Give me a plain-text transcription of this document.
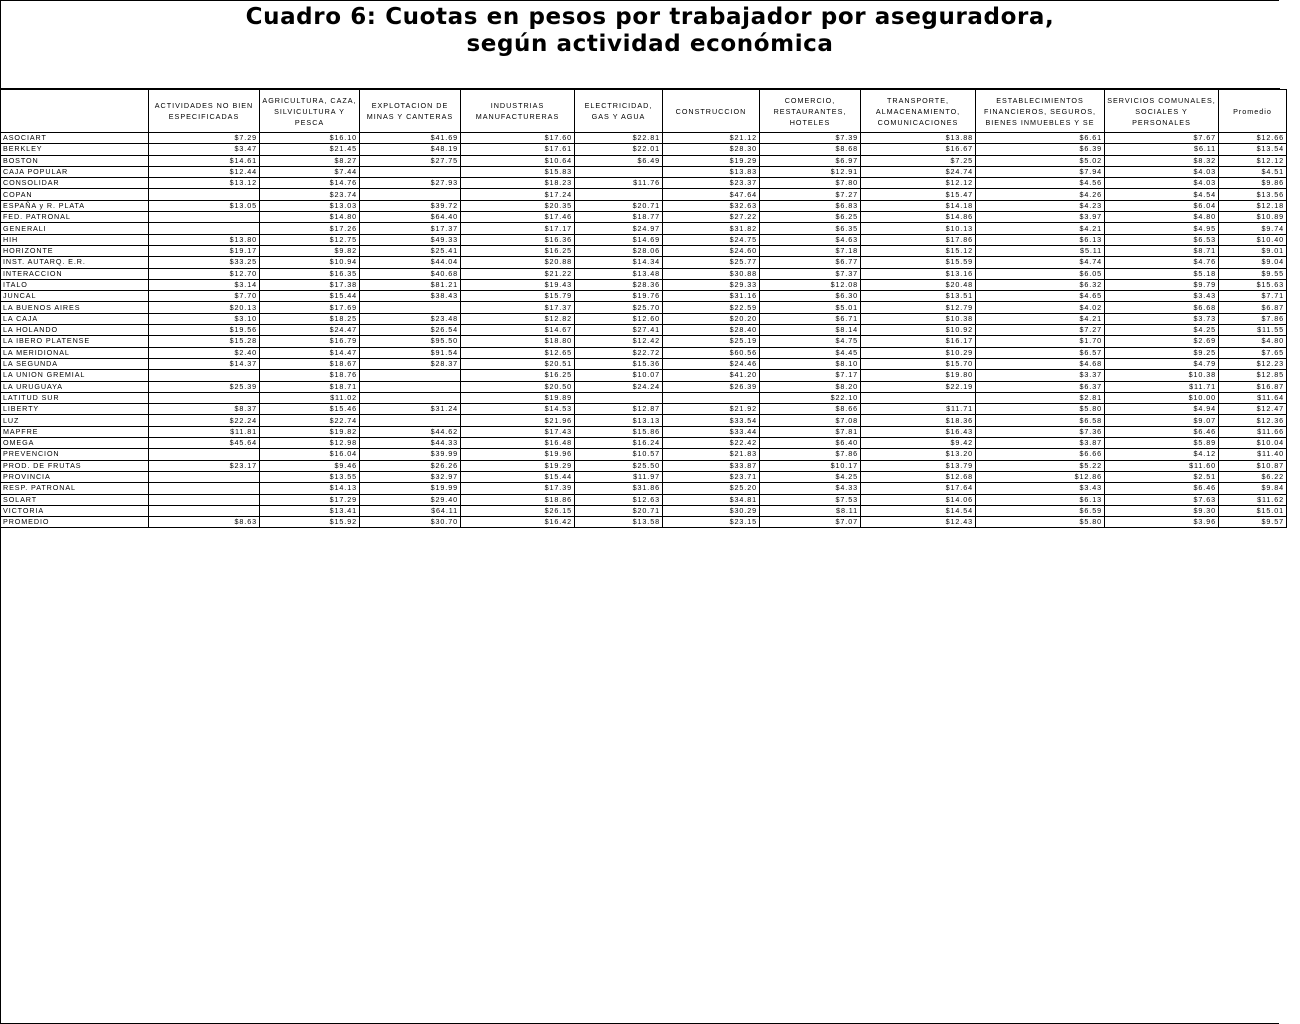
Cuadro 6: Cuotas en pesos por trabajador por aseguradora,
según actividad económica
	ACTIVIDADES NO BIEN ESPECIFICADAS	AGRICULTURA, CAZA, SILVICULTURA Y PESCA	EXPLOTACION DE MINAS Y CANTERAS	INDUSTRIAS MANUFACTURERAS	ELECTRICIDAD, GAS Y AGUA	CONSTRUCCION	COMERCIO, RESTAURANTES, HOTELES	TRANSPORTE, ALMACENAMIENTO, COMUNICACIONES	ESTABLECIMIENTOS FINANCIEROS, SEGUROS, BIENES INMUEBLES Y SE	SERVICIOS COMUNALES, SOCIALES Y PERSONALES	Promedio
ASOCIART	$7.29	$16.10	$41.69	$17.60	$22.81	$21.12	$7.39	$13.88	$6.61	$7.67	$12.66
BERKLEY	$3.47	$21.45	$48.19	$17.61	$22.01	$28.30	$8.68	$16.67	$6.39	$6.11	$13.54
BOSTON	$14.61	$8.27	$27.75	$10.64	$6.49	$19.29	$6.97	$7.25	$5.02	$8.32	$12.12
CAJA POPULAR	$12.44	$7.44		$15.83		$13.83	$12.91	$24.74	$7.94	$4.03	$4.51
CONSOLIDAR	$13.12	$14.76	$27.93	$18.23	$11.76	$23.37	$7.80	$12.12	$4.56	$4.03	$9.86
COPAN		$23.74		$17.24		$47.64	$7.27	$15.47	$4.26	$4.54	$13.56
ESPAÑA y R. PLATA	$13.05	$13.03	$39.72	$20.35	$20.71	$32.63	$6.83	$14.18	$4.23	$6.04	$12.18
FED. PATRONAL		$14.80	$64.40	$17.46	$18.77	$27.22	$6.25	$14.86	$3.97	$4.80	$10.89
GENERALI		$17.26	$17.37	$17.17	$24.97	$31.82	$6.35	$10.13	$4.21	$4.95	$9.74
HIH	$13.80	$12.75	$49.33	$16.36	$14.69	$24.75	$4.63	$17.86	$6.13	$6.53	$10.40
HORIZONTE	$19.17	$9.82	$25.41	$16.25	$28.06	$24.60	$7.18	$15.12	$5.11	$8.71	$9.01
INST. AUTARQ. E.R.	$33.25	$10.94	$44.04	$20.88	$14.34	$25.77	$6.77	$15.59	$4.74	$4.76	$9.04
INTERACCION	$12.70	$16.35	$40.68	$21.22	$13.48	$30.88	$7.37	$13.16	$6.05	$5.18	$9.55
ITALO	$3.14	$17.38	$81.21	$19.43	$28.36	$29.33	$12.08	$20.48	$6.32	$9.79	$15.63
JUNCAL	$7.70	$15.44	$38.43	$15.79	$19.76	$31.16	$6.30	$13.51	$4.65	$3.43	$7.71
LA BUENOS AIRES	$20.13	$17.69		$17.37	$25.70	$22.59	$5.01	$12.79	$4.02	$6.68	$6.87
LA CAJA	$3.10	$18.25	$23.48	$12.82	$12.60	$20.20	$6.71	$10.38	$4.21	$3.73	$7.86
LA HOLANDO	$19.56	$24.47	$26.54	$14.67	$27.41	$28.40	$8.14	$10.92	$7.27	$4.25	$11.55
LA IBERO PLATENSE	$15.28	$16.79	$95.50	$18.80	$12.42	$25.19	$4.75	$16.17	$1.70	$2.69	$4.80
LA MERIDIONAL	$2.40	$14.47	$91.54	$12.65	$22.72	$60.56	$4.45	$10.29	$6.57	$9.25	$7.65
LA SEGUNDA	$14.37	$18.67	$28.37	$20.51	$15.36	$24.46	$8.10	$15.70	$4.68	$4.79	$12.23
LA UNION GREMIAL		$18.76		$16.25	$10.07	$41.20	$7.17	$19.80	$3.37	$10.38	$12.85
LA URUGUAYA	$25.39	$18.71		$20.50	$24.24	$26.39	$8.20	$22.19	$6.37	$11.71	$16.87
LATITUD SUR		$11.02		$19.89			$22.10		$2.81	$10.00	$11.64
LIBERTY	$8.37	$15.46	$31.24	$14.53	$12.87	$21.92	$8.66	$11.71	$5.80	$4.94	$12.47
LUZ	$22.24	$22.74		$21.96	$13.13	$33.54	$7.08	$18.36	$6.58	$9.07	$12.36
MAPFRE	$11.81	$19.82	$44.62	$17.43	$15.86	$33.44	$7.81	$16.43	$7.36	$6.46	$11.66
OMEGA	$45.64	$12.98	$44.33	$16.48	$16.24	$22.42	$6.40	$9.42	$3.87	$5.89	$10.04
PREVENCION		$16.04	$39.99	$19.96	$10.57	$21.83	$7.86	$13.20	$6.66	$4.12	$11.40
PROD. DE FRUTAS	$23.17	$9.46	$26.26	$19.29	$25.50	$33.87	$10.17	$13.79	$5.22	$11.60	$10.87
PROVINCIA		$13.55	$32.97	$15.44	$11.97	$23.71	$4.25	$12.68	$12.86	$2.51	$6.22
RESP. PATRONAL		$14.13	$19.99	$17.39	$31.86	$25.20	$4.33	$17.64	$3.43	$6.46	$9.84
SOLART		$17.29	$29.40	$18.86	$12.63	$34.81	$7.53	$14.06	$6.13	$7.63	$11.62
VICTORIA		$13.41	$64.11	$26.15	$20.71	$30.29	$8.11	$14.54	$6.59	$9.30	$15.01
PROMEDIO	$8.63	$15.92	$30.70	$16.42	$13.58	$23.15	$7.07	$12.43	$5.80	$3.96	$9.57
